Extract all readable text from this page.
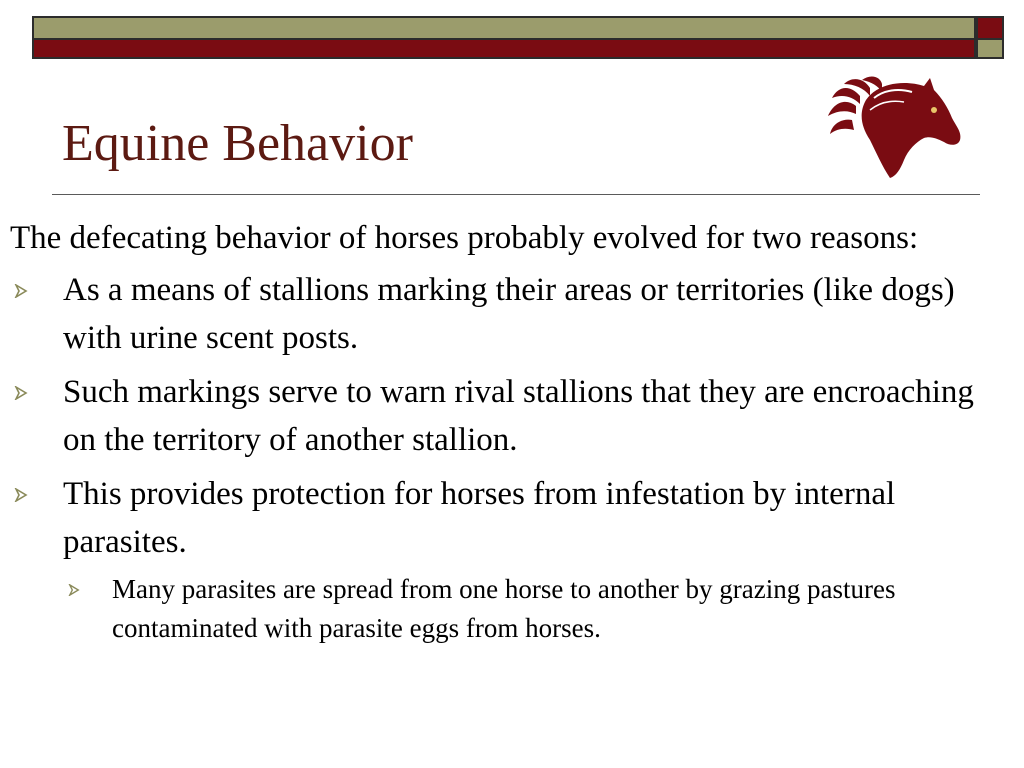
Equine Behavior

The defecating behavior of horses probably evolved for two reasons:

As a means of stallions marking their areas or territories (like dogs) with urine scent posts.
Such markings serve to warn rival stallions that they are encroaching on the territory of another stallion.
This provides protection for horses from infestation by internal parasites.
Many parasites are spread from one horse to another by grazing pastures contaminated with parasite eggs from horses.
